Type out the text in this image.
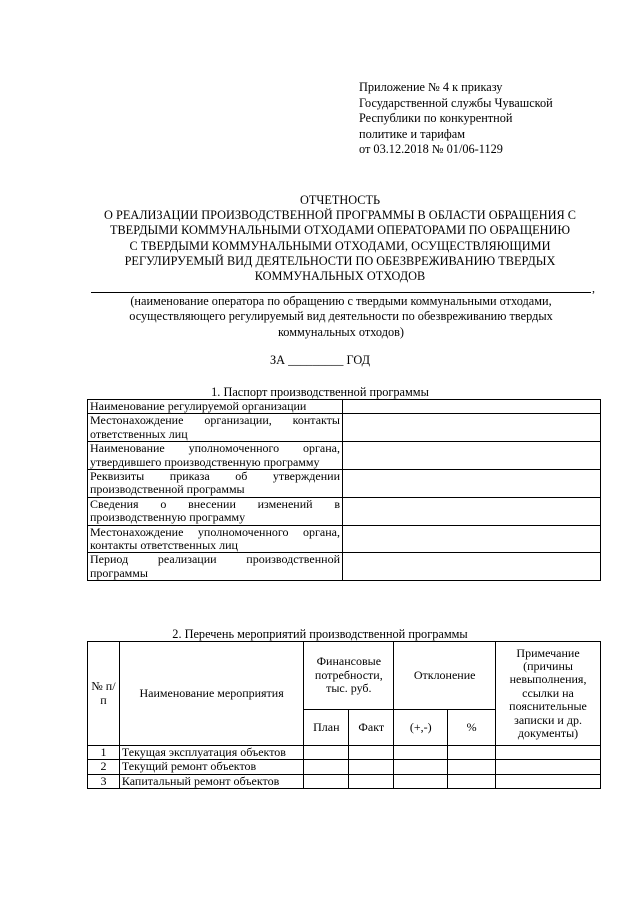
Приложение № 4 к приказу
Государственной службы Чувашской
Республики по конкурентной
политике и тарифам
от 03.12.2018 № 01/06-1129
ОТЧЕТНОСТЬ
О РЕАЛИЗАЦИИ ПРОИЗВОДСТВЕННОЙ ПРОГРАММЫ В ОБЛАСТИ ОБРАЩЕНИЯ С
ТВЕРДЫМИ КОММУНАЛЬНЫМИ ОТХОДАМИ ОПЕРАТОРАМИ ПО ОБРАЩЕНИЮ
С ТВЕРДЫМИ КОММУНАЛЬНЫМИ ОТХОДАМИ, ОСУЩЕСТВЛЯЮЩИМИ
РЕГУЛИРУЕМЫЙ ВИД ДЕЯТЕЛЬНОСТИ ПО ОБЕЗВРЕЖИВАНИЮ ТВЕРДЫХ
КОММУНАЛЬНЫХ ОТХОДОВ
,
(наименование оператора по обращению с твердыми коммунальными отходами,
осуществляющего регулируемый вид деятельности по обезвреживанию твердых
коммунальных отходов)
ЗА _________ ГОД
1. Паспорт производственной программы
Наименование регулируемой организации	
Местонахождение организации, контакты ответственных лиц	
Наименование уполномоченного органа, утвердившего производственную программу	
Реквизиты приказа об утверждении производственной программы	
Сведения о внесении изменений в производственную программу	
Местонахождение уполномоченного органа, контакты ответственных лиц	
Период реализации производственной программы	
2. Перечень мероприятий производственной программы
№ п/п	Наименование мероприятия	Финансовые потребности, тыс. руб.		Отклонение		Примечание (причины невыполнения, ссылки на пояснительные записки и др. документы)
		План	Факт	(+,-)	%	
1	Текущая эксплуатация объектов					
2	Текущий ремонт объектов					
3	Капитальный ремонт объектов					
